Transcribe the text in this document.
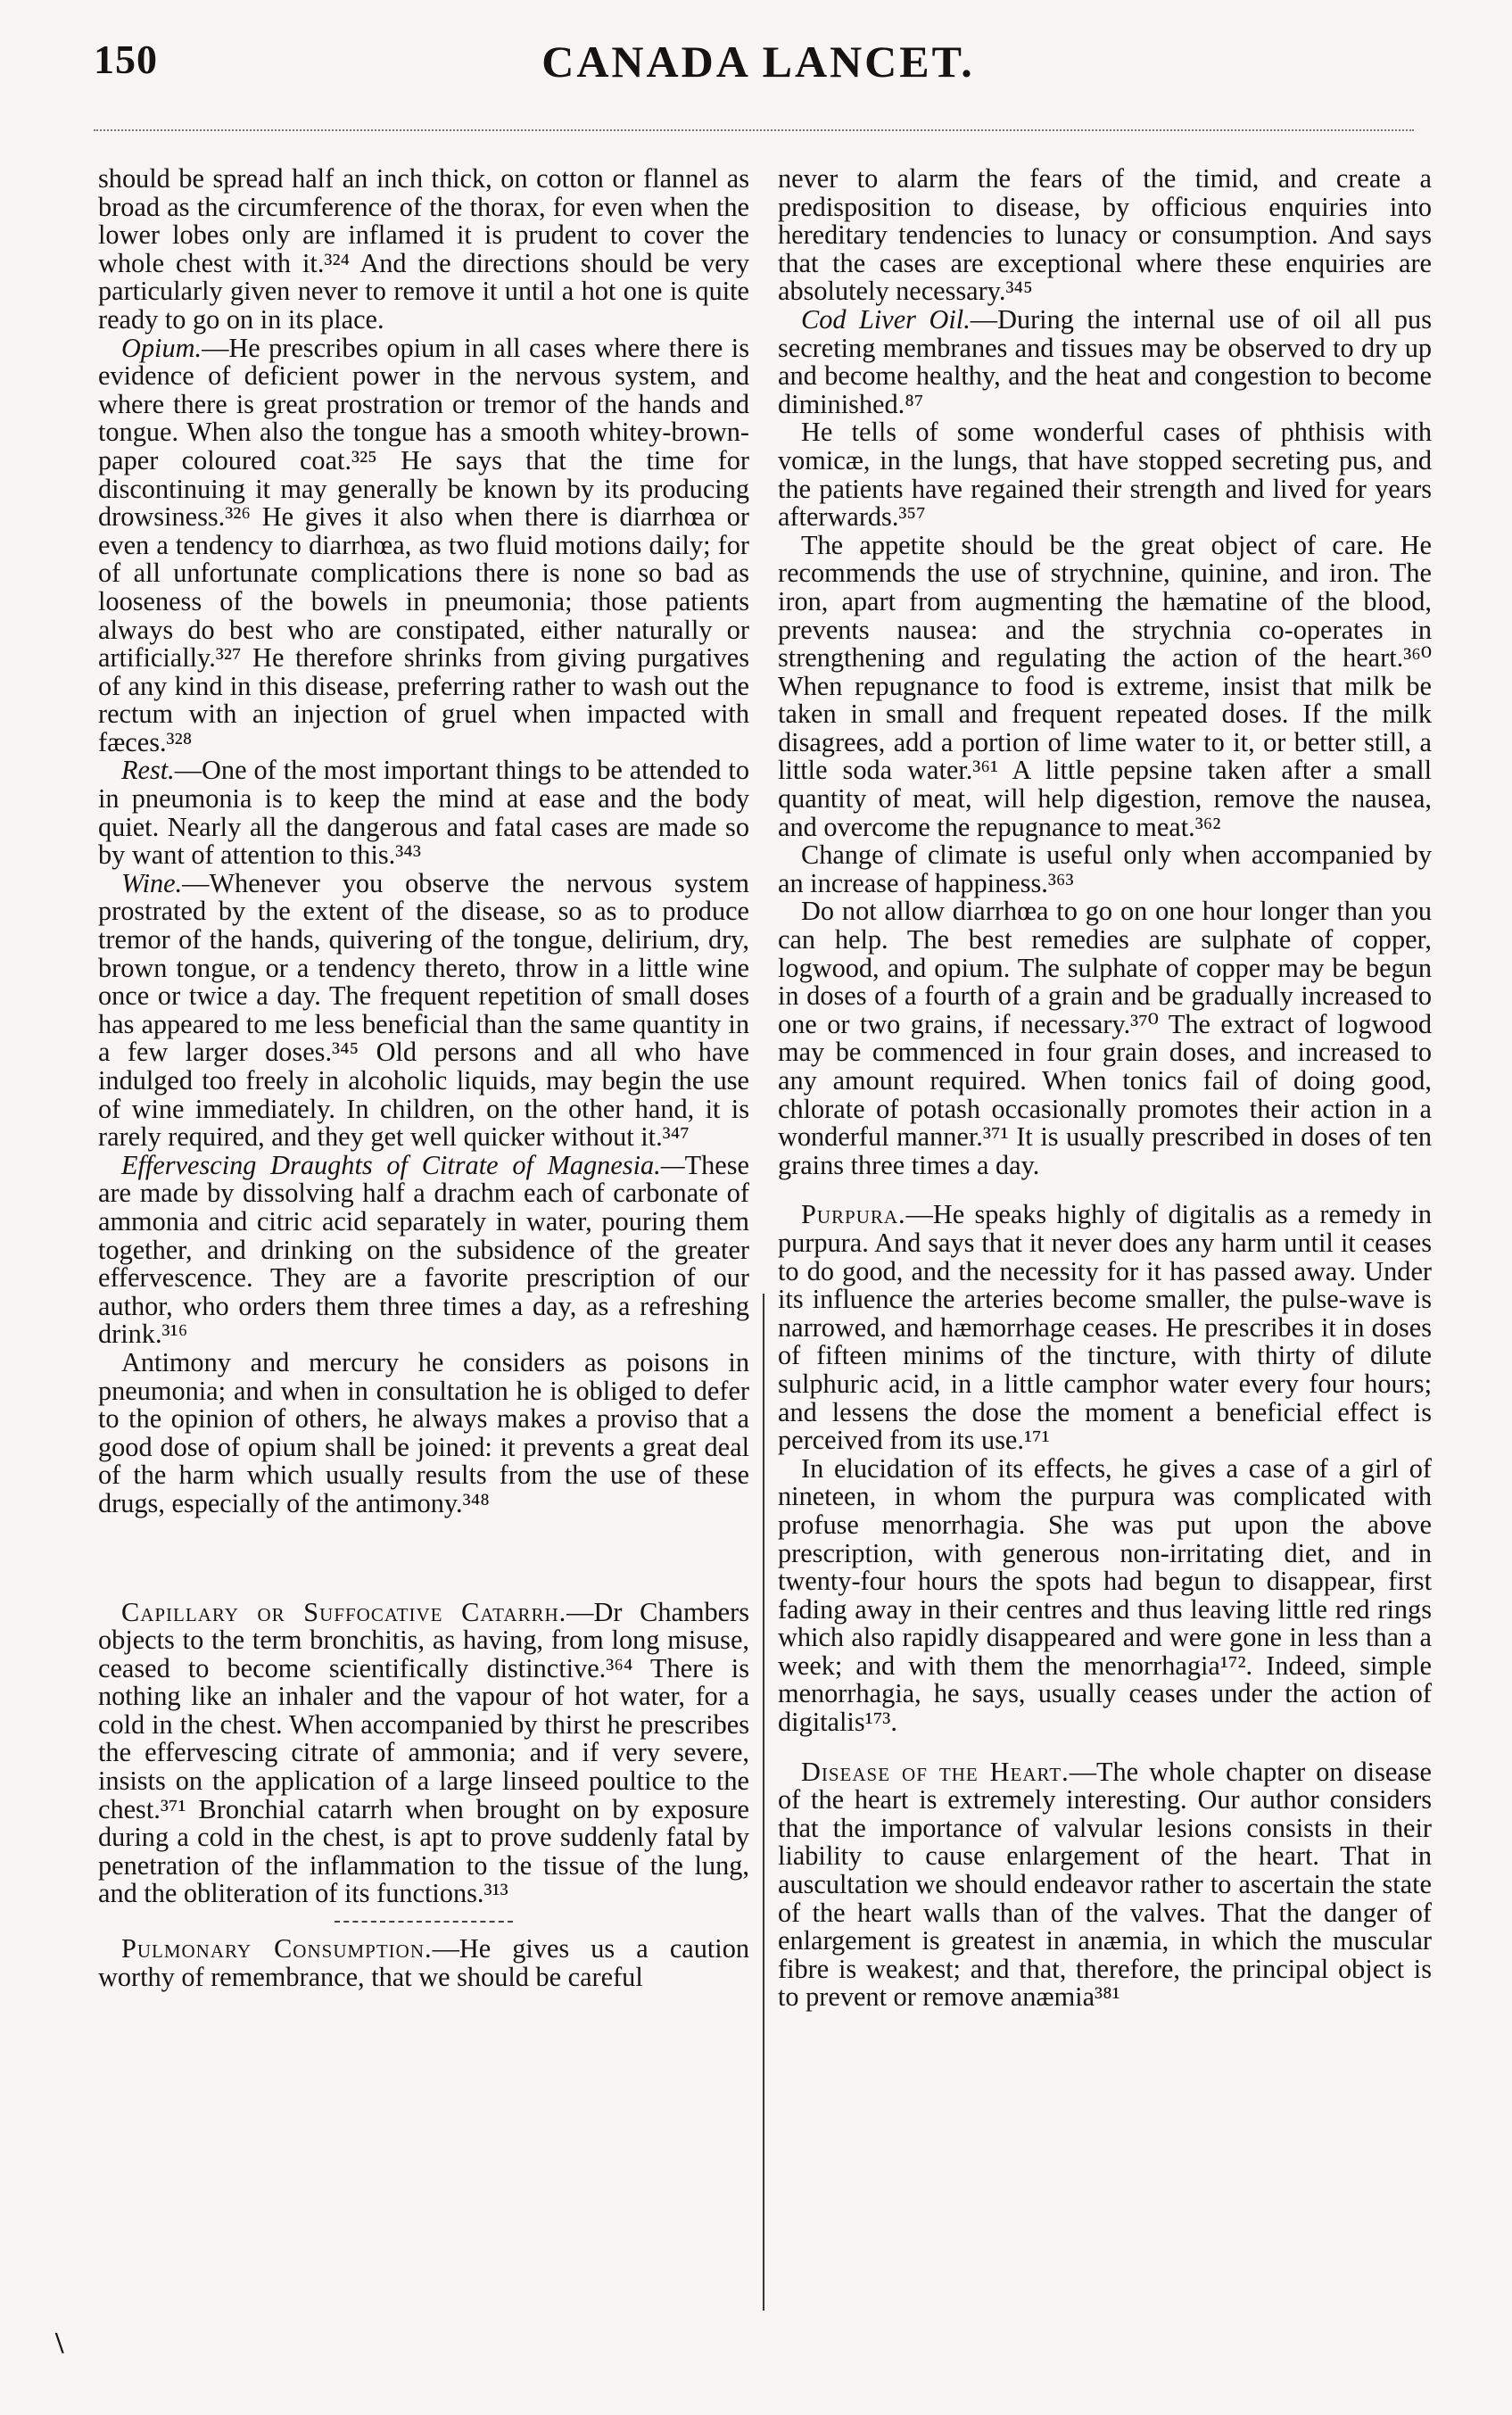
150	CANADA LANCET.

should be spread half an inch thick, on cotton or flannel as broad as the circumference of the thorax, for even when the lower lobes only are inflamed it is prudent to cover the whole chest with it.³²⁴ And the directions should be very particularly given never to remove it until a hot one is quite ready to go on in its place.

Opium.—He prescribes opium in all cases where there is evidence of deficient power in the nervous system, and where there is great prostration or tremor of the hands and tongue. When also the tongue has a smooth whitey-brown-paper coloured coat.³²⁵ He says that the time for discontinuing it may generally be known by its producing drowsiness.³²⁶ He gives it also when there is diarrhœa or even a tendency to diarrhœa, as two fluid motions daily; for of all unfortunate complications there is none so bad as looseness of the bowels in pneumonia; those patients always do best who are constipated, either naturally or artificially.³²⁷ He therefore shrinks from giving purgatives of any kind in this disease, preferring rather to wash out the rectum with an injection of gruel when impacted with fæces.³²⁸

Rest.—One of the most important things to be attended to in pneumonia is to keep the mind at ease and the body quiet. Nearly all the dangerous and fatal cases are made so by want of attention to this.³⁴³

Wine.—Whenever you observe the nervous system prostrated by the extent of the disease, so as to produce tremor of the hands, quivering of the tongue, delirium, dry, brown tongue, or a tendency thereto, throw in a little wine once or twice a day. The frequent repetition of small doses has appeared to me less beneficial than the same quantity in a few larger doses.³⁴⁵ Old persons and all who have indulged too freely in alcoholic liquids, may begin the use of wine immediately. In children, on the other hand, it is rarely required, and they get well quicker without it.³⁴⁷

Effervescing Draughts of Citrate of Magnesia.—These are made by dissolving half a drachm each of carbonate of ammonia and citric acid separately in water, pouring them together, and drinking on the subsidence of the greater effervescence. They are a favorite prescription of our author, who orders them three times a day, as a refreshing drink.³¹⁶

Antimony and mercury he considers as poisons in pneumonia; and when in consultation he is obliged to defer to the opinion of others, he always makes a proviso that a good dose of opium shall be joined: it prevents a great deal of the harm which usually results from the use of these drugs, especially of the antimony.³⁴⁸

Capillary or Suffocative Catarrh.—Dr Chambers objects to the term bronchitis, as having, from long misuse, ceased to become scientifically distinctive.³⁶⁴ There is nothing like an inhaler and the vapour of hot water, for a cold in the chest. When accompanied by thirst he prescribes the effervescing citrate of ammonia; and if very severe, insists on the application of a large linseed poultice to the chest.³⁷¹ Bronchial catarrh when brought on by exposure during a cold in the chest, is apt to prove suddenly fatal by penetration of the inflammation to the tissue of the lung, and the obliteration of its functions.³¹³

Pulmonary Consumption.—He gives us a caution worthy of remembrance, that we should be careful

never to alarm the fears of the timid, and create a predisposition to disease, by officious enquiries into hereditary tendencies to lunacy or consumption. And says that the cases are exceptional where these enquiries are absolutely necessary.³⁴⁵

Cod Liver Oil.—During the internal use of oil all pus secreting membranes and tissues may be observed to dry up and become healthy, and the heat and congestion to become diminished.⁸⁷

He tells of some wonderful cases of phthisis with vomicæ, in the lungs, that have stopped secreting pus, and the patients have regained their strength and lived for years afterwards.³⁵⁷

The appetite should be the great object of care. He recommends the use of strychnine, quinine, and iron. The iron, apart from augmenting the hæmatine of the blood, prevents nausea: and the strychnia co-operates in strengthening and regulating the action of the heart.³⁶⁰ When repugnance to food is extreme, insist that milk be taken in small and frequent repeated doses. If the milk disagrees, add a portion of lime water to it, or better still, a little soda water.³⁶¹ A little pepsine taken after a small quantity of meat, will help digestion, remove the nausea, and overcome the repugnance to meat.³⁶²

Change of climate is useful only when accompanied by an increase of happiness.³⁶³

Do not allow diarrhœa to go on one hour longer than you can help. The best remedies are sulphate of copper, logwood, and opium. The sulphate of copper may be begun in doses of a fourth of a grain and be gradually increased to one or two grains, if necessary.³⁷⁰ The extract of logwood may be commenced in four grain doses, and increased to any amount required. When tonics fail of doing good, chlorate of potash occasionally promotes their action in a wonderful manner.³⁷¹ It is usually prescribed in doses of ten grains three times a day.

Purpura.—He speaks highly of digitalis as a remedy in purpura. And says that it never does any harm until it ceases to do good, and the necessity for it has passed away. Under its influence the arteries become smaller, the pulse-wave is narrowed, and hæmorrhage ceases. He prescribes it in doses of fifteen minims of the tincture, with thirty of dilute sulphuric acid, in a little camphor water every four hours; and lessens the dose the moment a beneficial effect is perceived from its use.¹⁷¹

In elucidation of its effects, he gives a case of a girl of nineteen, in whom the purpura was complicated with profuse menorrhagia. She was put upon the above prescription, with generous non-irritating diet, and in twenty-four hours the spots had begun to disappear, first fading away in their centres and thus leaving little red rings which also rapidly disappeared and were gone in less than a week; and with them the menorrhagia¹⁷². Indeed, simple menorrhagia, he says, usually ceases under the action of digitalis¹⁷³.

Disease of the Heart.—The whole chapter on disease of the heart is extremely interesting. Our author considers that the importance of valvular lesions consists in their liability to cause enlargement of the heart. That in auscultation we should endeavor rather to ascertain the state of the heart walls than of the valves. That the danger of enlargement is greatest in anæmia, in which the muscular fibre is weakest; and that, therefore, the principal object is to prevent or remove anæmia³⁸¹

\
